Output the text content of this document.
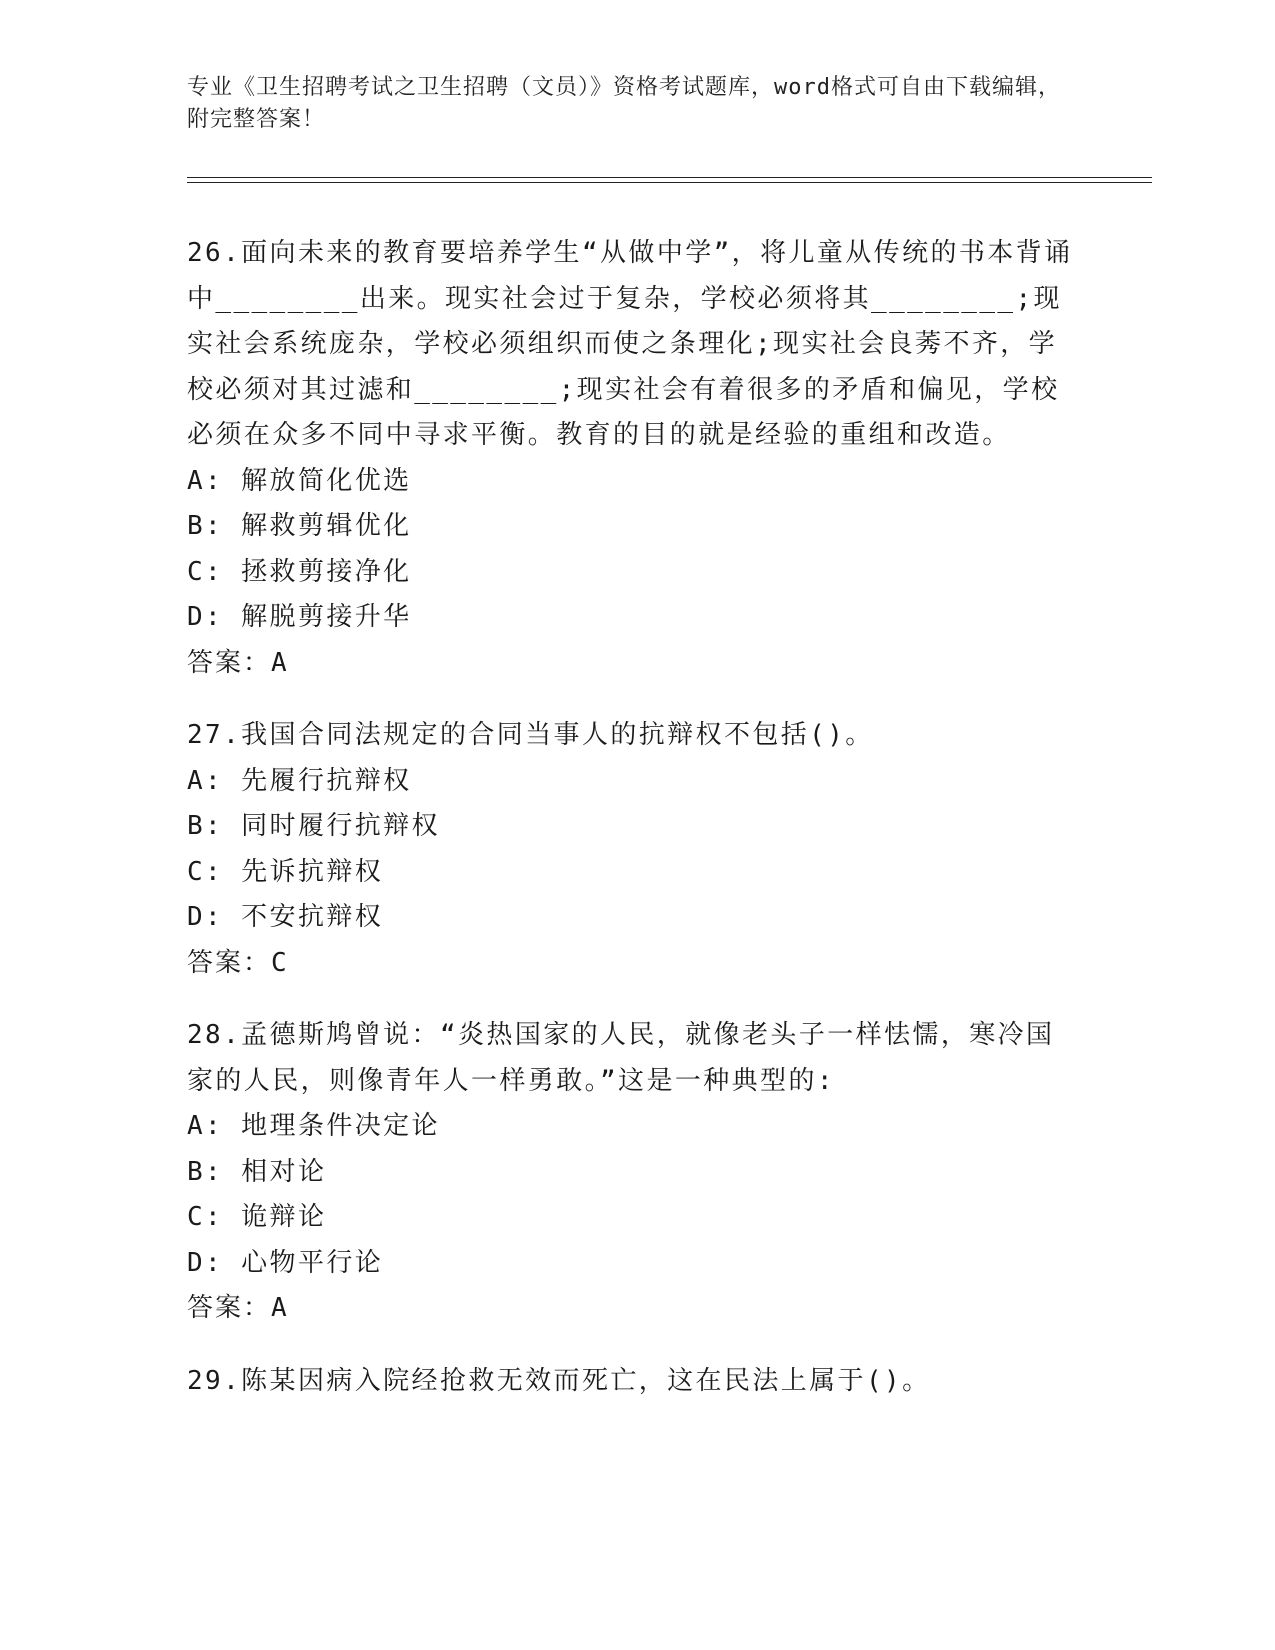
专业《卫生招聘考试之卫生招聘（文员）》资格考试题库，word格式可自由下载编辑，附完整答案！

26.面向未来的教育要培养学生“从做中学”，将儿童从传统的书本背诵中________出来。现实社会过于复杂，学校必须将其________;现实社会系统庞杂，学校必须组织而使之条理化;现实社会良莠不齐，学校必须对其过滤和________;现实社会有着很多的矛盾和偏见，学校必须在众多不同中寻求平衡。教育的目的就是经验的重组和改造。

A: 解放简化优选

B: 解救剪辑优化

C: 拯救剪接净化

D: 解脱剪接升华

答案：A

27.我国合同法规定的合同当事人的抗辩权不包括()。

A: 先履行抗辩权

B: 同时履行抗辩权

C: 先诉抗辩权

D: 不安抗辩权

答案：C

28.孟德斯鸠曾说：“炎热国家的人民，就像老头子一样怯懦，寒冷国家的人民，则像青年人一样勇敢。”这是一种典型的:

A: 地理条件决定论

B: 相对论

C: 诡辩论

D: 心物平行论

答案：A

29.陈某因病入院经抢救无效而死亡，这在民法上属于()。
